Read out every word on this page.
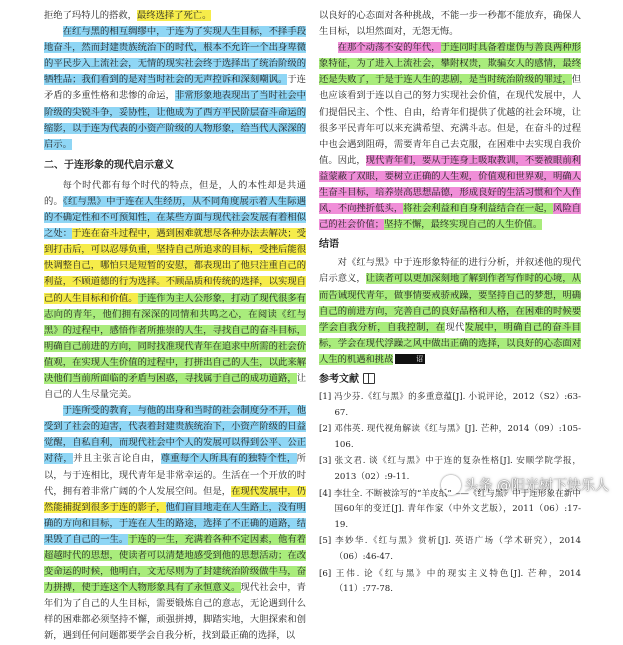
拒绝了玛特儿的搭救，最终选择了死亡。

在红与黑的相互绸缪中，于连为了实现人生目标，不择手段地奋斗，然而封建贵族统治下的时代，根本不允许一个出身卑微的平民步入上流社会，无情的现实社会终于选择出了统治阶级的牺牲品；我们看到的是对当时社会的无声控诉和深刻嘲讽。于连矛盾的多重性格和悲惨的命运，非常形象地表现出了当时社会中阶级的尖锐斗争，妥协性，让他成为了西方平民阶层奋斗命运的缩影，以于连为代表的小资产阶级的人物形象，给当代人深深的启示。

二、于连形象的现代启示意义

每个时代都有每个时代的特点，但是，人的本性却是共通的。《红与黑》中于连在人生经历，从不同角度展示着人生际遇的不确定性和不可预知性，在某些方面与现代社会发展有着相似之处：于连在奋斗过程中，遇到困难就想尽各种办法去解决；受到打击后，可以忍辱负重，坚持自己所追求的目标，受挫后能很快调整自己，哪怕只是短暂的安慰，都表现出了他只注重自己的利益，不顾道德的行为选择。不顾品质和传统的选择，以实现自己的人生目标和价值。于连作为主人公形象，打动了现代很多有志向的青年，他们拥有深深的同情和共鸣之心，在阅读《红与黑》的过程中，感悟作者所推崇的人生，寻找自己的奋斗目标，明确自己前进的方向，同时找准现代青年在追求中所需的社会价值观，在实现人生价值的过程中，打拼出自己的人生，以此来解决他们当前所面临的矛盾与困惑，寻找属于自己的成功道路，让自己的人生尽量完美。

于连所受的教育，与他的出身和当时的社会制度分不开，他受到了社会的迫害，代表着封建贵族统治下，小资产阶级的日益觉醒，自私自利，而现代社会中个人的发展可以得到公平、公正对待，并且主张言论自由，尊重每个人所具有的独特个性，所以，与于连相比，现代青年是非常幸运的。生活在一个开放的时代，拥有着非常广阔的个人发展空间。但是，在现代发展中，仍然能捕捉到很多于连的影子，他们盲目地走在人生路上，没有明确的方向和目标，于连在人生的路途，选择了不正确的道路，结果毁了自己的一生。于连的一生，充满着各种不定因素，他有着超越时代的思想，使读者可以清楚地感受到他的思想活动；在改变命运的时候，他明白，文无尽则为了封建统治阶级做牛马，奋力拼搏，使于连这个人物形象具有了永恒意义。现代社会中，青年们为了自己的人生目标，需要锻炼自己的意志，无论遇到什么样的困难都必须坚持不懈，顽强拼搏，脚踏实地，大胆探索和创新，遇到任何问题都要学会自我分析，找到最正确的选择，以

以良好的心态面对各种挑战，不能一步一秒都不能放弃，确保人生目标，以坦然面对，无怨无悔。

在那个动荡不安的年代，于连同时具备着虚伪与善良两种形象特征，为了进入上流社会，攀附权贵，欺骗女人的感情，最终还是失败了，于是于连人生的悲剧，是当时统治阶级的罪过，但也应该看到于连以自己的努力实现社会价值，在现代发展中，人们提倡民主、个性、自由，给青年们提供了优越的社会环境，让很多平民青年可以来充满希望、充满斗志。但是，在奋斗的过程中也会遇到阻碍，需要青年自己去克服，在困难中去实现自我价值。因此，现代青年们，要从于连身上吸取教训，不要被眼前利益蒙蔽了双眼，要树立正确的人生观，价值观和世界观，明确人生奋斗目标，培养崇高思想品德，形成良好的生活习惯和个人作风，不向挫折低头，将社会利益和自身利益结合在一起，风险自己的社会价值；坚持不懈，最终实现自己的人生价值。

结语

对《红与黑》中于连形象特征的进行分析，并叙述他的现代启示意义，让读者可以更加深刻地了解到作者写作时的心境，从而告诫现代青年，做事情要戒骄戒躁，要坚持自己的梦想，明确自己的前进方向，完善自己的良好品格和人格，在困难的时候要学会自我分析，自我控制，在现代发展中，明确自己的奋斗目标，学会在现代浮躁之风中做出正确的选择，以良好的心态面对人生的机遇和挑战	诏

参考文献
[1] 冯少芬.《红与黑》的多重意蕴[J]. 小说评论，2012（S2）:63-67.
[2] 邓伟英. 现代视角解读《红与黑》[J]. 芒种，2014（09）:105-106.
[3] 张文君. 谈《红与黑》中于连的复杂性格[J]. 安顺学院学报，2013（02）:9-11.
[4] 李壮全. 不断被涂写的“羊皮纸”——《红与黑》中于连形象在新中国60年的变迁[J]. 青年作家（中外文艺版），2011（06）:17-19.
[5] 李妙华.《红与黑》赏析[J]. 英语广场（学术研究），2014（06）:46-47.
[6] 王伟. 论《红与黑》中的现实主义特色[J]. 芒种，2014（11）:77-78.
头条 @阳光树下快乐人
